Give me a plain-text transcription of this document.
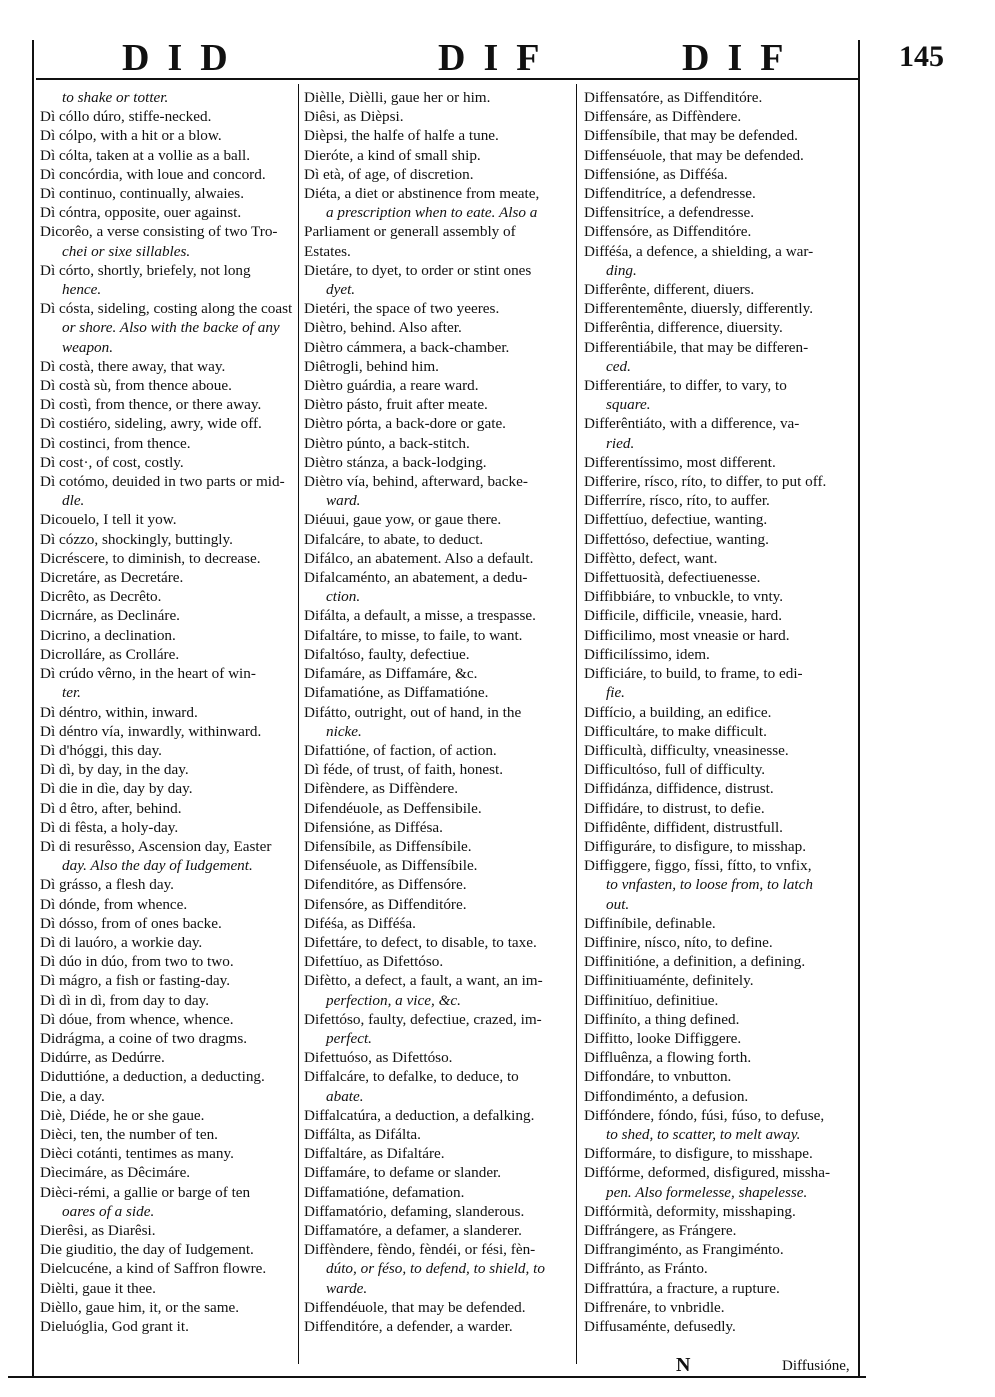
DID	DIF	DIF	145

to shake or totter.

Dì cóllo dúro, stiffe-necked.

Dì cólpo, with a hit or a blow.

Dì cólta, taken at a vollie as a ball.

Dì concórdia, with loue and concord.

Dì continuo, continually, alwaies.

Dì cóntra, opposite, ouer against.

Dicorêo, a verse consisting of two Tro-

chei or sixe sillables.

Dì córto, shortly, briefely, not long

hence.

Dì cósta, sideling, costing along the coast

or shore. Also with the backe of any

weapon.

Dì costà, there away, that way.

Dì costà sù, from thence aboue.

Dì costì, from thence, or there away.

Dì costiéro, sideling, awry, wide off.

Dì costinci, from thence.

Dì cost·, of cost, costly.

Dì cotómo, deuided in two parts or mid-

dle.

Dicouelo, I tell it yow.

Dì cózzo, shockingly, buttingly.

Dicréscere, to diminish, to decrease.

Dicretáre, as Decretáre.

Dicrêto, as Decrêto.

Dicrnáre, as Declináre.

Dicrino, a declination.

Dicrolláre, as Crolláre.

Dì crúdo vêrno, in the heart of win-

ter.

Dì déntro, within, inward.

Dì déntro vía, inwardly, withinward.

Dì d'hóggi, this day.

Dì dì, by day, in the day.

Dì die in dìe, day by day.

Dì d êtro, after, behind.

Dì di fêsta, a holy-day.

Dì di resurêsso, Ascension day, Easter

day. Also the day of Iudgement.

Dì grásso, a flesh day.

Dì dónde, from whence.

Dì dósso, from of ones backe.

Dì di lauóro, a workie day.

Dì dúo in dúo, from two to two.

Dì mágro, a fish or fasting-day.

Dì dì in dì, from day to day.

Dì dóue, from whence, whence.

Didrágma, a coine of two dragms.

Didúrre, as Dedúrre.

Diduttióne, a deduction, a deducting.

Die, a day.

Diè, Diéde, he or she gaue.

Dièci, ten, the number of ten.

Dièci cotánti, tentimes as many.

Dìecimáre, as Dêcimáre.

Dièci-rémi, a gallie or barge of ten

oares of a side.

Dierêsi, as Diarêsi.

Die giuditio, the day of Iudgement.

Dielcucéne, a kind of Saffron flowre.

Dièlti, gaue it thee.

Dièllo, gaue him, it, or the same.

Dieluóglia, God grant it.

Dièlle, Dièlli, gaue her or him.

Diêsi, as Dièpsi.

Dièpsi, the halfe of halfe a tune.

Dieróte, a kind of small ship.

Dì età, of age, of discretion.

Diéta, a diet or abstinence from meate,

a prescription when to eate. Also a

Parliament or generall assembly of

Estates.

Dietáre, to dyet, to order or stint ones

dyet.

Dietéri, the space of two yeeres.

Diètro, behind. Also after.

Diètro cámmera, a back-chamber.

Diêtrogli, behind him.

Diètro guárdia, a reare ward.

Diètro pásto, fruit after meate.

Diètro pórta, a back-dore or gate.

Diètro púnto, a back-stitch.

Diètro stánza, a back-lodging.

Diètro vía, behind, afterward, backe-

ward.

Diéuui, gaue yow, or gaue there.

Difalcáre, to abate, to deduct.

Difálco, an abatement. Also a default.

Difalcaménto, an abatement, a dedu-

ction.

Difálta, a default, a misse, a trespasse.

Difaltáre, to misse, to faile, to want.

Difaltóso, faulty, defectiue.

Difamáre, as Diffamáre, &c.

Difamatióne, as Diffamatióne.

Difátto, outright, out of hand, in the

nicke.

Difattióne, of faction, of action.

Dì féde, of trust, of faith, honest.

Difèndere, as Diffèndere.

Difendéuole, as Deffensibile.

Difensióne, as Diffésa.

Difensíbile, as Diffensíbile.

Difenséuole, as Diffensíbile.

Difenditóre, as Diffensóre.

Difensóre, as Diffenditóre.

Diféśa, as Difféśa.

Difettáre, to defect, to disable, to taxe.

Difettíuo, as Difettóso.

Difètto, a defect, a fault, a want, an im-

perfection, a vice, &c.

Difettóso, faulty, defectiue, crazed, im-

perfect.

Difettuóso, as Difettóso.

Diffalcáre, to defalke, to deduce, to

abate.

Diffalcatúra, a deduction, a defalking.

Diffálta, as Difálta.

Diffaltáre, as Difaltáre.

Diffamáre, to defame or slander.

Diffamatióne, defamation.

Diffamatório, defaming, slanderous.

Diffamatóre, a defamer, a slanderer.

Diffèndere, fèndo, fèndéi, or fési, fèn-

dúto, or féso, to defend, to shield, to

warde.

Diffendéuole, that may be defended.

Diffenditóre, a defender, a warder.

Diffensatóre, as Diffenditóre.

Diffensáre, as Diffèndere.

Diffensíbile, that may be defended.

Diffenséuole, that may be defended.

Diffensióne, as Difféśa.

Diffenditríce, a defendresse.

Diffensitríce, a defendresse.

Diffensóre, as Diffenditóre.

Difféśa, a defence, a shielding, a war-

ding.

Differênte, different, diuers.

Differentemênte, diuersly, differently.

Differêntia, difference, diuersity.

Differentiábile, that may be differen-

ced.

Differentiáre, to differ, to vary, to

square.

Differêntiáto, with a difference, va-

ried.

Differentíssimo, most different.

Differire, rísco, ríto, to differ, to put off.

Differríre, rísco, ríto, to auffer.

Diffettíuo, defectiue, wanting.

Diffettóso, defectiue, wanting.

Diffètto, defect, want.

Diffettuosità, defectiuenesse.

Diffibbiáre, to vnbuckle, to vnty.

Difficile, difficile, vneasie, hard.

Difficilimo, most vneasie or hard.

Difficilíssimo, idem.

Difficiáre, to build, to frame, to edi-

fie.

Diffício, a building, an edifice.

Difficultáre, to make difficult.

Difficultà, difficulty, vneasinesse.

Difficultóso, full of difficulty.

Diffidánza, diffidence, distrust.

Diffidáre, to distrust, to defie.

Diffidênte, diffident, distrustfull.

Diffiguráre, to disfigure, to misshap.

Diffiggere, figgo, físsi, fítto, to vnfix,

to vnfasten, to loose from, to latch

out.

Diffiníbile, definable.

Diffinire, nísco, níto, to define.

Diffinitióne, a definition, a defining.

Diffinitiuaménte, definitely.

Diffinitíuo, definitiue.

Diffiníto, a thing defined.

Diffitto, looke Diffiggere.

Diffluênza, a flowing forth.

Diffondáre, to vnbutton.

Diffondiménto, a defusion.

Diffóndere, fóndo, fúsi, fúso, to defuse,

to shed, to scatter, to melt away.

Difformáre, to disfigure, to misshape.

Diffórme, deformed, disfigured, missha-

pen. Also formelesse, shapelesse.

Diffórmità, deformity, misshaping.

Diffrángere, as Frángere.

Diffrangiménto, as Frangiménto.

Diffránto, as Fránto.

Diffrattúra, a fracture, a rupture.

Diffrenáre, to vnbridle.

Diffusaménte, defusedly.

N	Diffusióne,
